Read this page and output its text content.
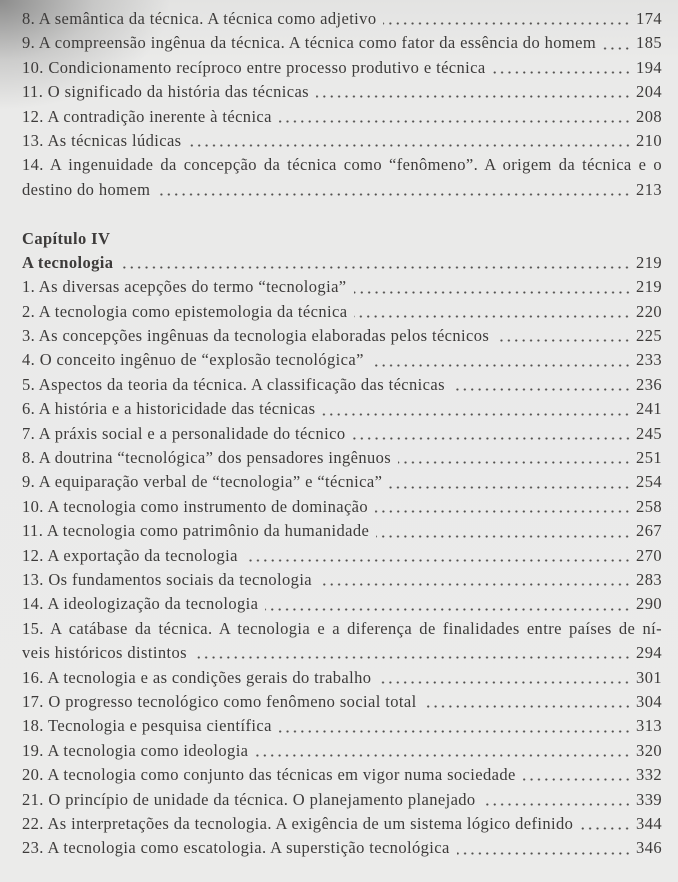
8. A semântica da técnica. A técnica como adjetivo	174
9. A compreensão ingênua da técnica. A técnica como fator da essência do homem 185
10. Condicionamento recíproco entre processo produtivo e técnica	194
11. O significado da história das técnicas	204
12. A contradição inerente à técnica	208
13. As técnicas lúdicas	210
14. A ingenuidade da concepção da técnica como “fenômeno”. A origem da técnica e o
destino do homem	213
Capítulo IV
A tecnologia	219
1. As diversas acepções do termo “tecnologia”	219
2. A tecnologia como epistemologia da técnica	220
3. As concepções ingênuas da tecnologia elaboradas pelos técnicos	225
4. O conceito ingênuo de “explosão tecnológica”	233
5. Aspectos da teoria da técnica. A classificação das técnicas	236
6. A história e a historicidade das técnicas	241
7. A práxis social e a personalidade do técnico	245
8. A doutrina “tecnológica” dos pensadores ingênuos	251
9. A equiparação verbal de “tecnologia” e “técnica”	254
10. A tecnologia como instrumento de dominação	258
11. A tecnologia como patrimônio da humanidade	267
12. A exportação da tecnologia	270
13. Os fundamentos sociais da tecnologia	283
14. A ideologização da tecnologia	290
15. A catábase da técnica. A tecnologia e a diferença de finalidades entre países de ní-
veis históricos distintos	294
16. A tecnologia e as condições gerais do trabalho	301
17. O progresso tecnológico como fenômeno social total	304
18. Tecnologia e pesquisa científica	313
19. A tecnologia como ideologia	320
20. A tecnologia como conjunto das técnicas em vigor numa sociedade	332
21. O princípio de unidade da técnica. O planejamento planejado	339
22. As interpretações da tecnologia. A exigência de um sistema lógico definido	344
23. A tecnologia como escatologia. A superstição tecnológica	346
